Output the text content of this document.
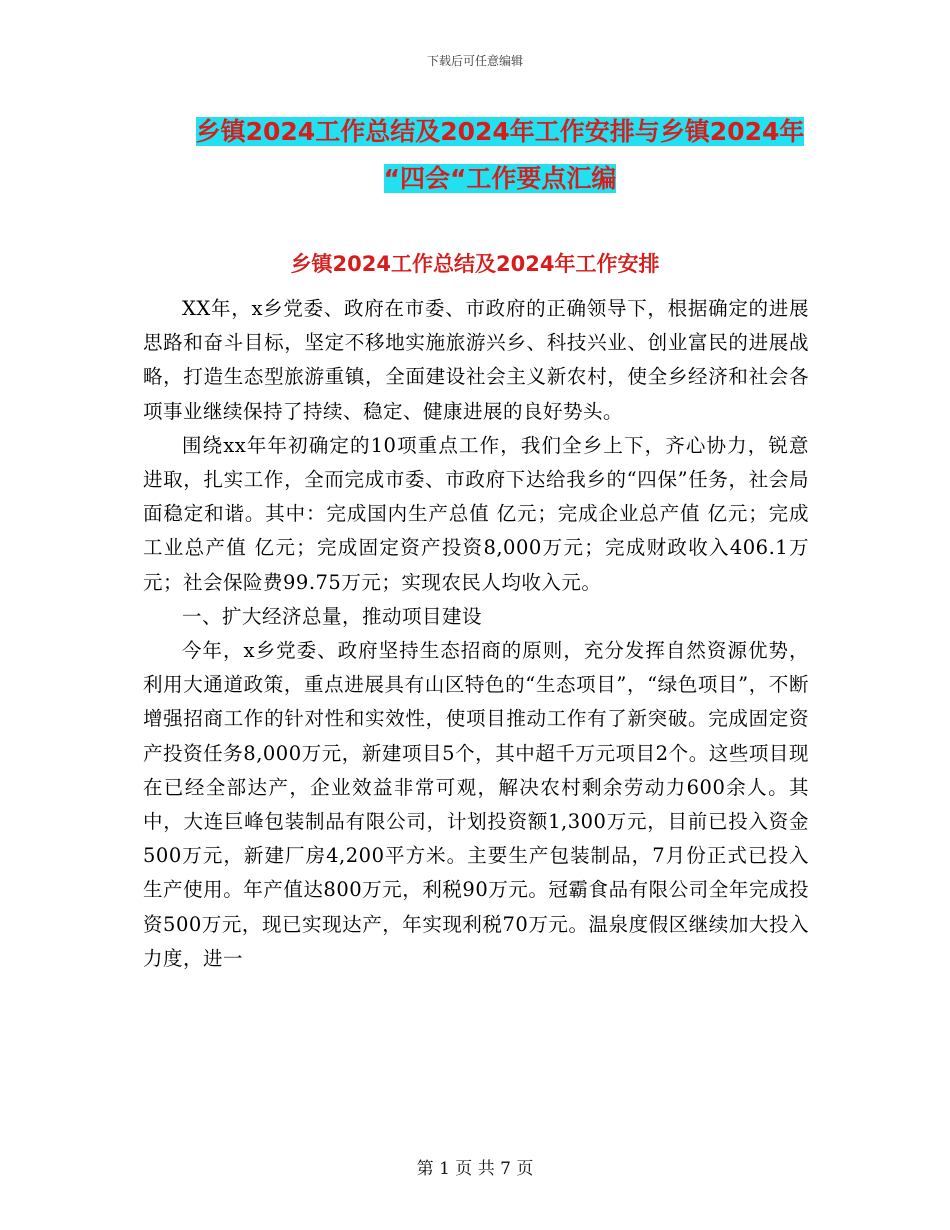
下载后可任意编辑
乡镇2024工作总结及2024年工作安排与乡镇2024年
“四会“工作要点汇编
乡镇2024工作总结及2024年工作安排

XX年，x乡党委、政府在市委、市政府的正确领导下，根据确定的进展思路和奋斗目标，坚定不移地实施旅游兴乡、科技兴业、创业富民的进展战略，打造生态型旅游重镇，全面建设社会主义新农村，使全乡经济和社会各项事业继续保持了持续、稳定、健康进展的良好势头。

围绕xx年年初确定的10项重点工作，我们全乡上下，齐心协力，锐意进取，扎实工作，全而完成市委、市政府下达给我乡的“四保”任务，社会局面稳定和谐。其中：完成国内生产总值 亿元；完成企业总产值 亿元；完成工业总产值 亿元；完成固定资产投资8,000万元；完成财政收入406.1万元；社会保险费99.75万元；实现农民人均收入元。

一、扩大经济总量，推动项目建设

今年，x乡党委、政府坚持生态招商的原则，充分发挥自然资源优势，利用大通道政策，重点进展具有山区特色的“生态项目”，“绿色项目”，不断增强招商工作的针对性和实效性，使项目推动工作有了新突破。完成固定资产投资任务8,000万元，新建项目5个，其中超千万元项目2个。这些项目现在已经全部达产，企业效益非常可观，解决农村剩余劳动力600余人。其中，大连巨峰包装制品有限公司，计划投资额1,300万元，目前已投入资金500万元，新建厂房4,200平方米。主要生产包装制品，7月份正式已投入生产使用。年产值达800万元，利税90万元。冠霸食品有限公司全年完成投资500万元，现已实现达产，年实现利税70万元。温泉度假区继续加大投入力度，进一

第 1 页 共 7 页
